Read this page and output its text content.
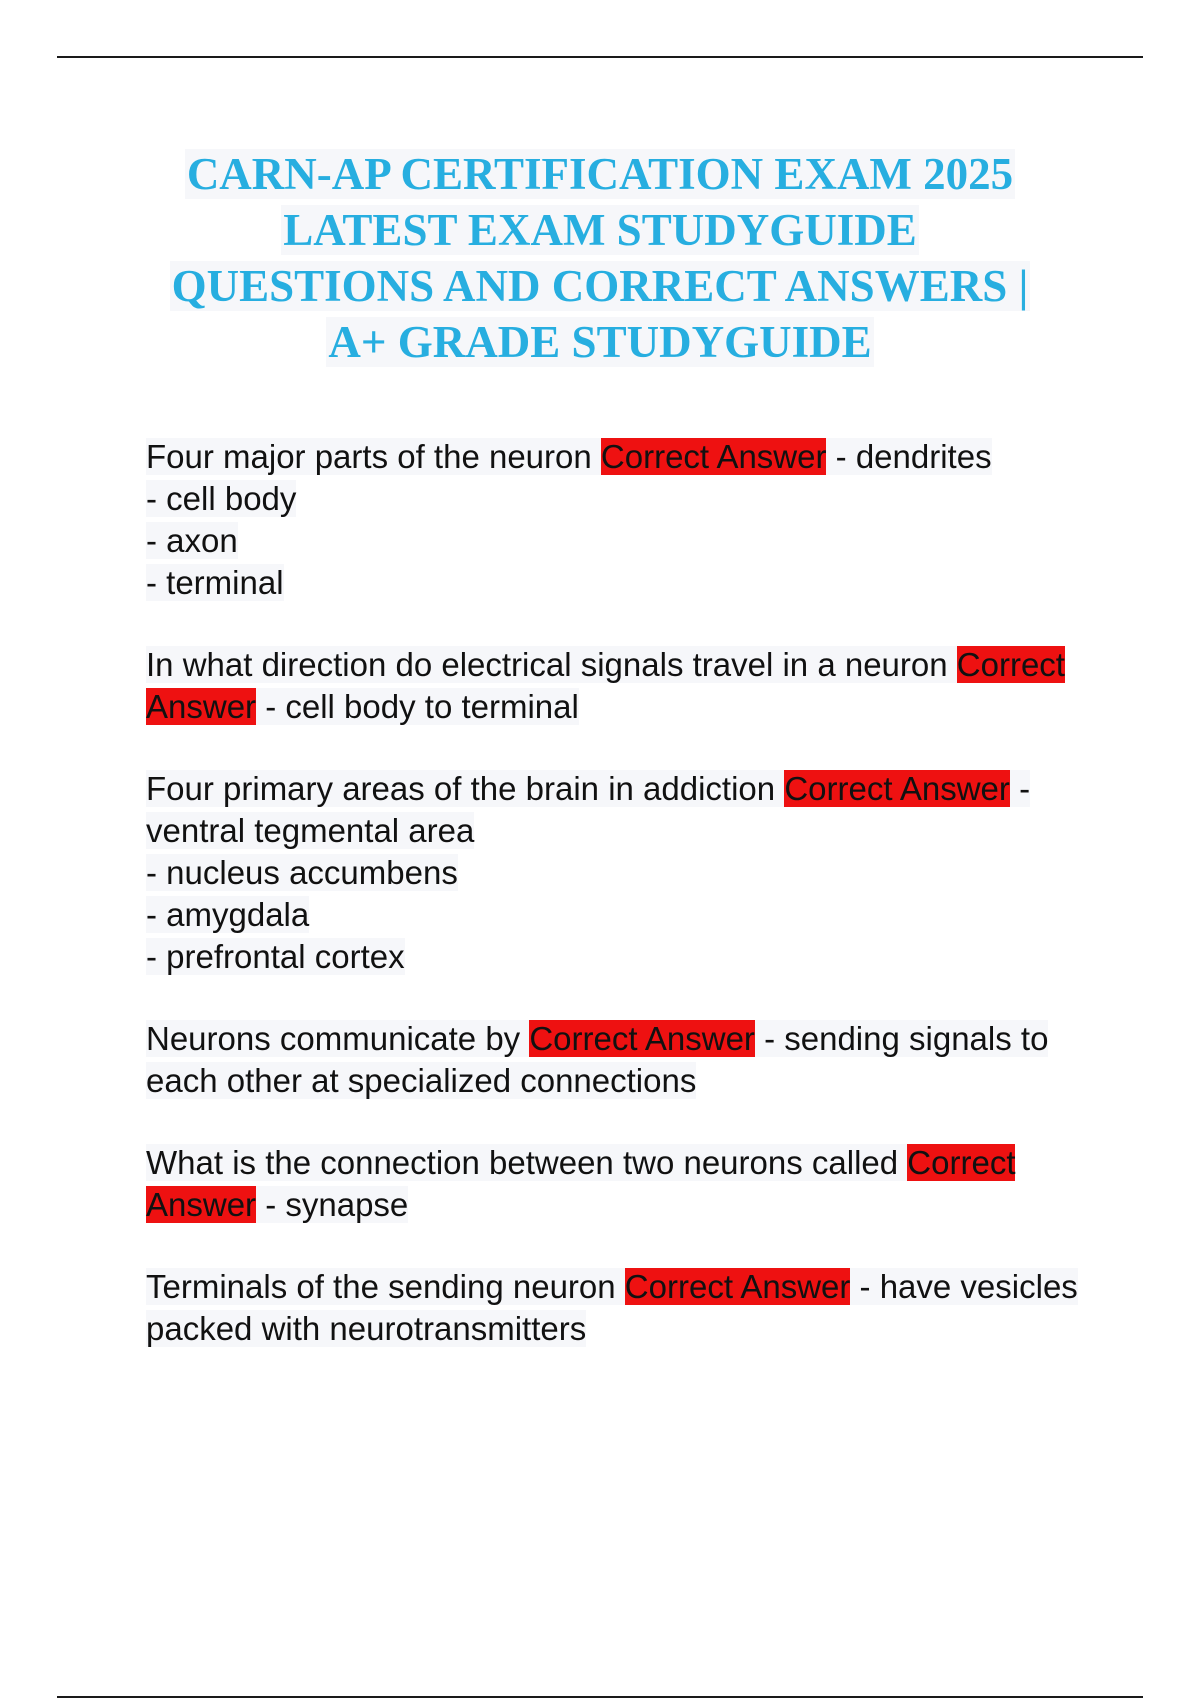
CARN-AP CERTIFICATION EXAM 2025
LATEST EXAM STUDYGUIDE
QUESTIONS AND CORRECT ANSWERS |
A+ GRADE STUDYGUIDE
Four major parts of the neuron Correct Answer - dendrites
- cell body
- axon
- terminal
In what direction do electrical signals travel in a neuron Correct Answer - cell body to terminal
Four primary areas of the brain in addiction Correct Answer - ventral tegmental area
- nucleus accumbens
- amygdala
- prefrontal cortex
Neurons communicate by Correct Answer - sending signals to each other at specialized connections
What is the connection between two neurons called Correct Answer - synapse
Terminals of the sending neuron Correct Answer - have vesicles packed with neurotransmitters
